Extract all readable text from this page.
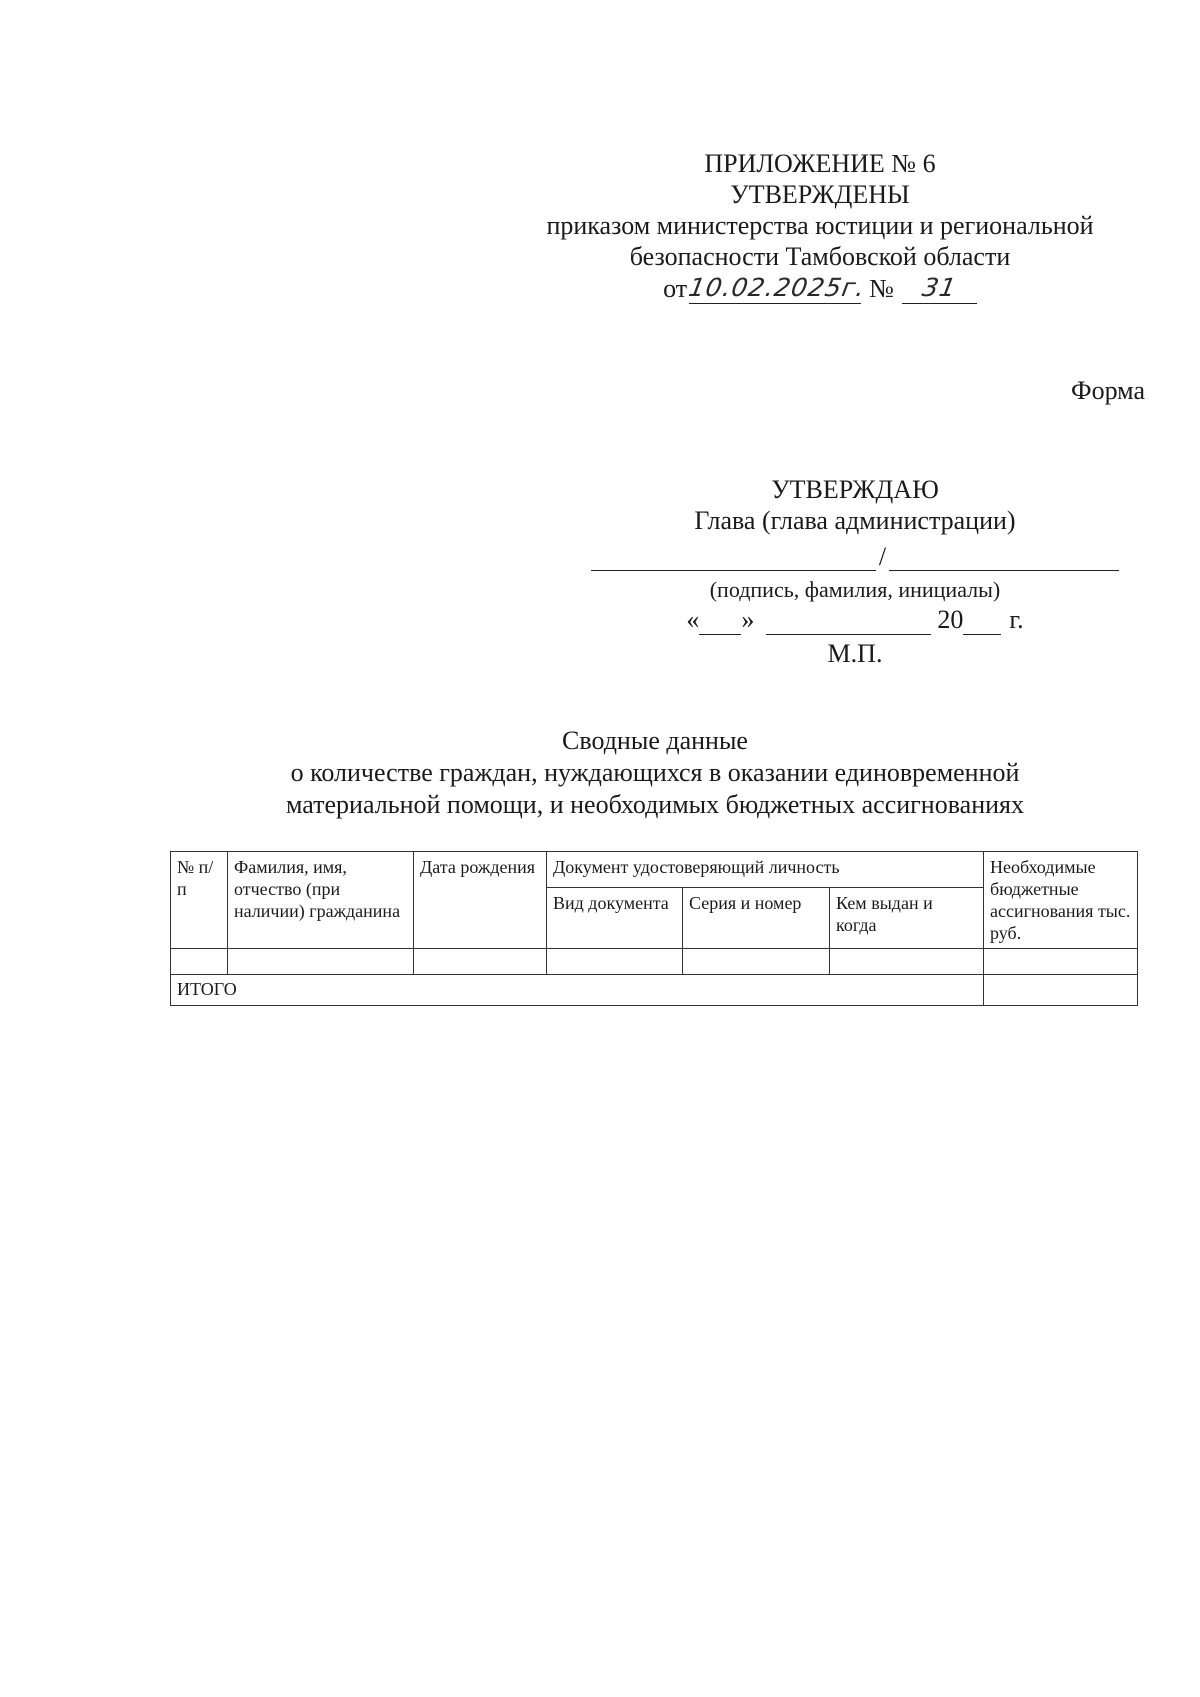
ПРИЛОЖЕНИЕ № 6
УТВЕРЖДЕНЫ
приказом министерства юстиции и региональной
безопасности Тамбовской области
от 10.02.2025г. №	31
Форма
УТВЕРЖДАЮ
Глава (глава администрации)
/
(подпись, фамилия, инициалы)
« »	20 г.
М.П.
Сводные данные
о количестве граждан, нуждающихся в оказании единовременной
материальной помощи, и необходимых бюджетных ассигнованиях
№ п/п	Фамилия, имя, отчество (при наличии) гражданина	Дата рождения	Документ удостоверяющий личность			Необходимые бюджетные ассигнования тыс. руб.
			Вид документа	Серия и номер	Кем выдан и когда	

ИТОГО						
